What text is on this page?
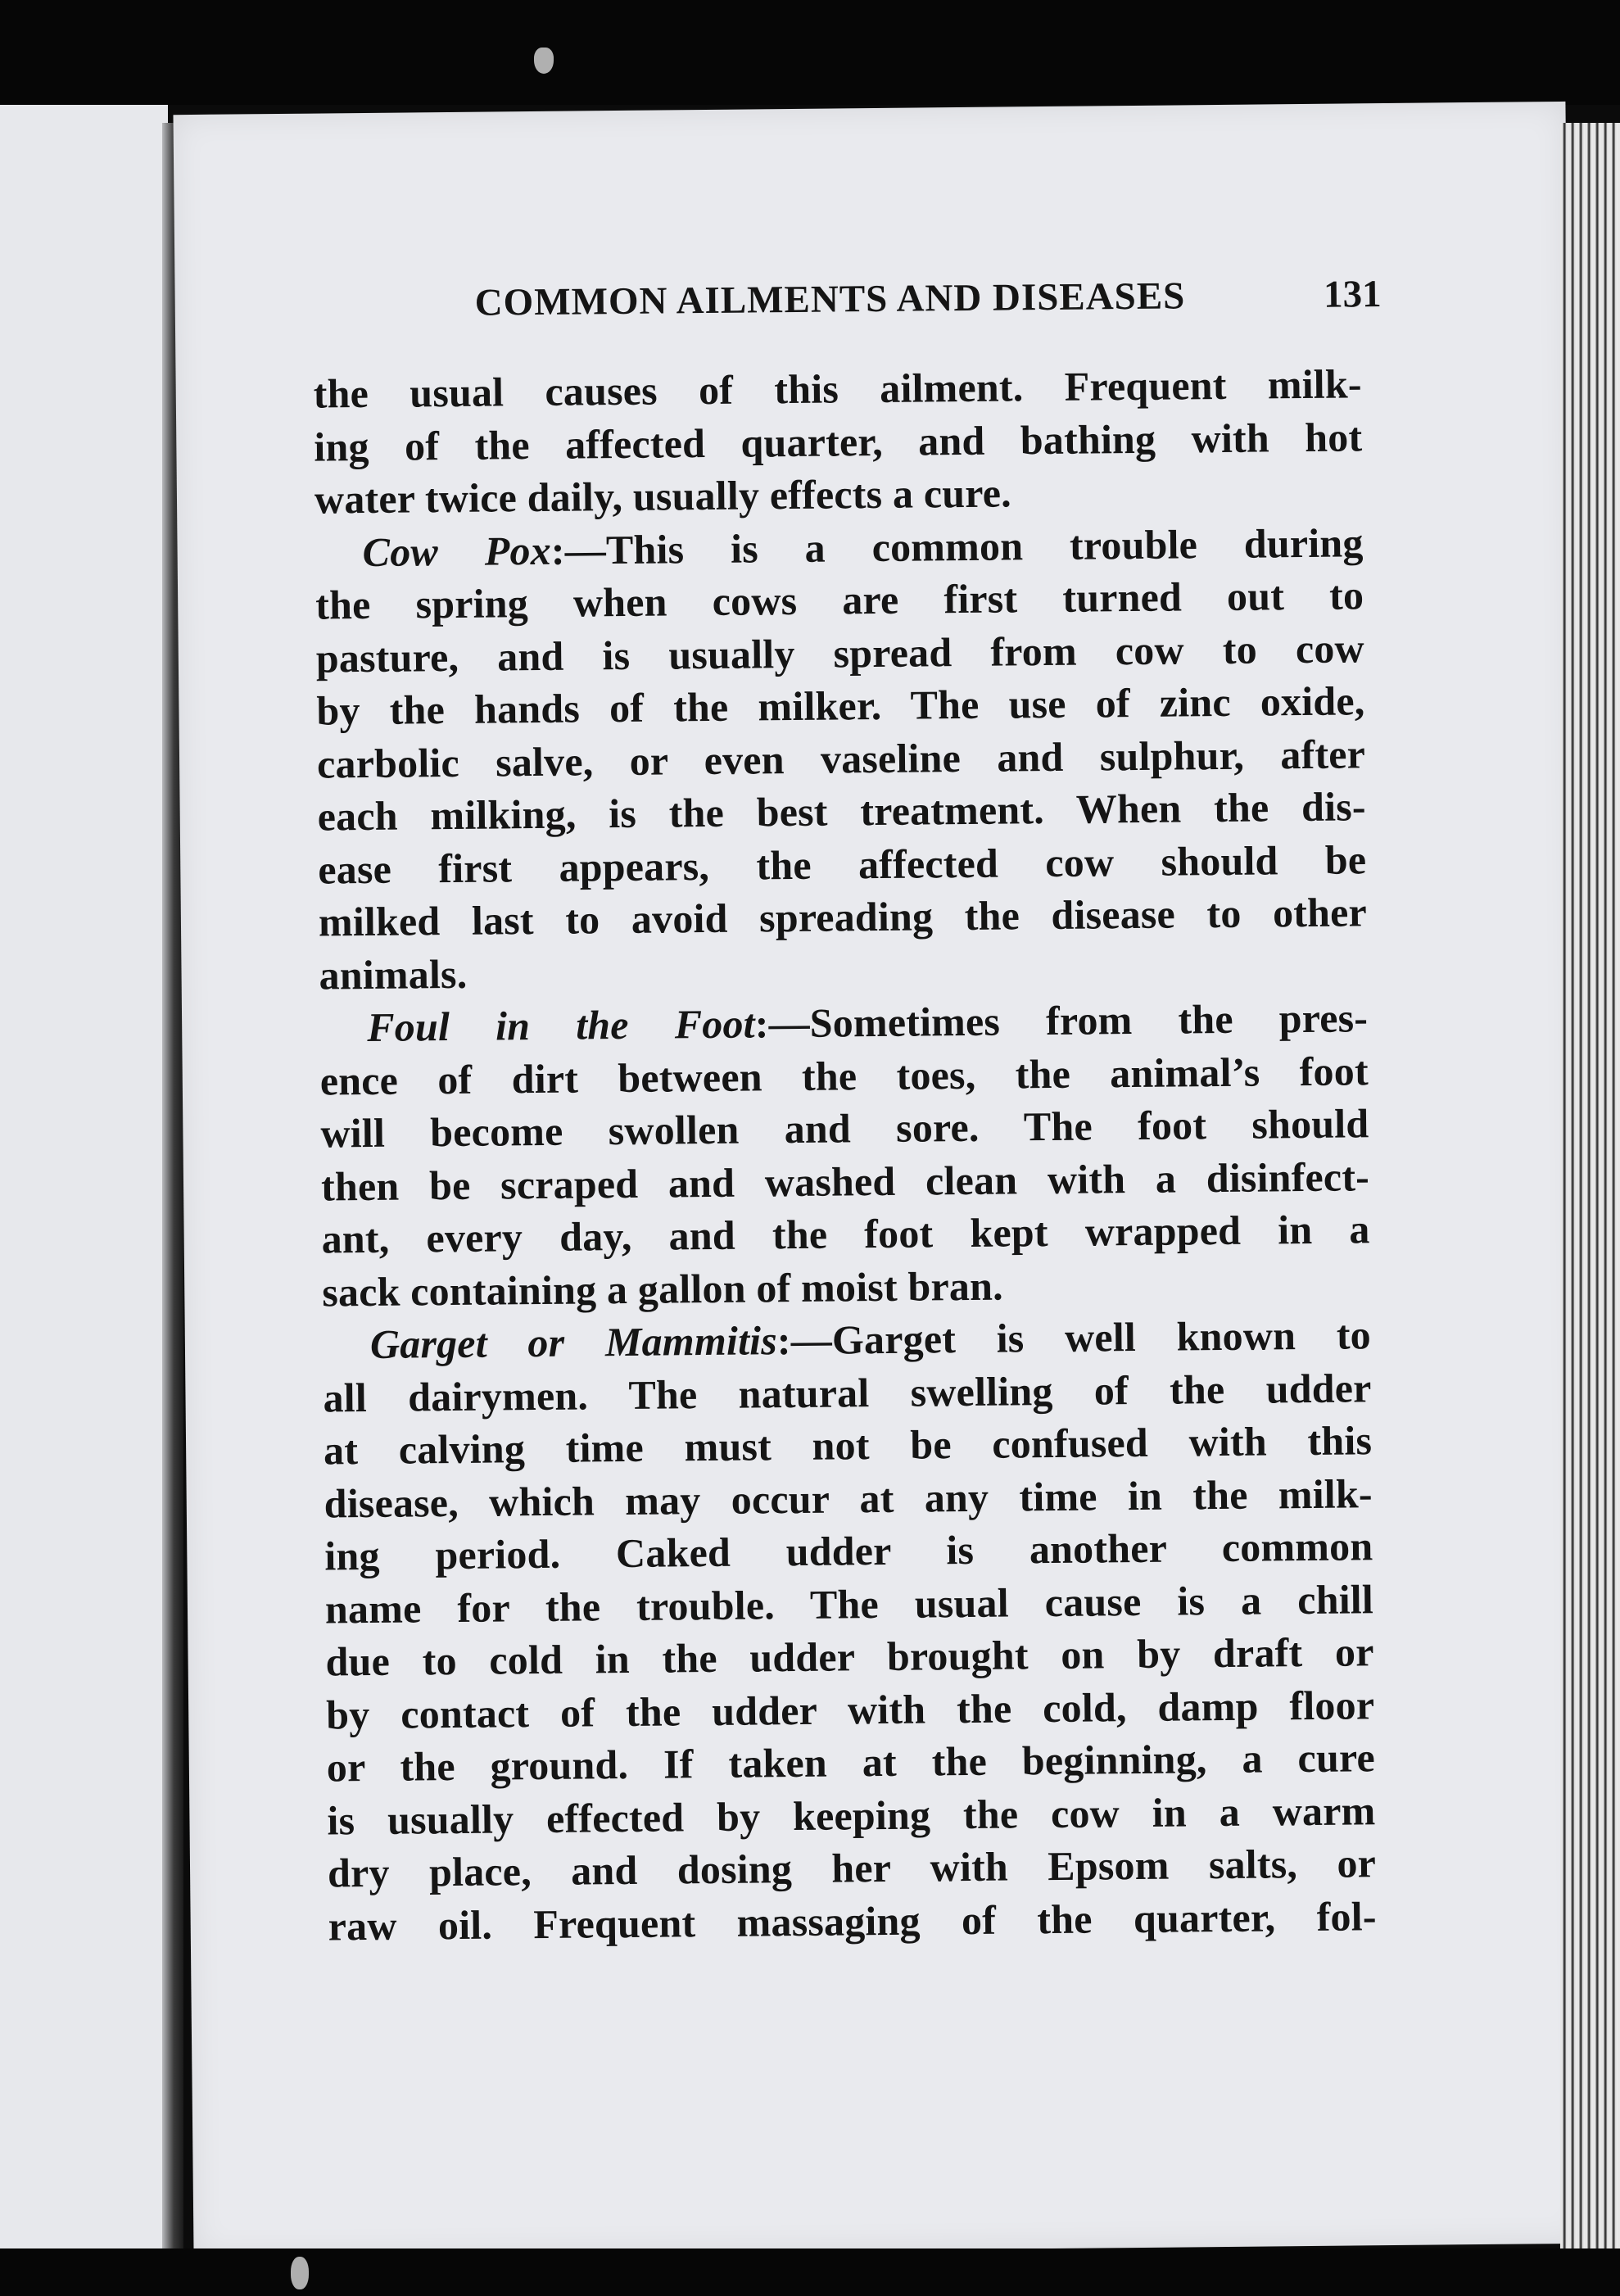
COMMON AILMENTS AND DISEASES	131
the usual causes of this ailment. Frequent milk-
ing of the affected quarter, and bathing with hot
water twice daily, usually effects a cure.
Cow Pox:—This is a common trouble during
the spring when cows are first turned out to
pasture, and is usually spread from cow to cow
by the hands of the milker. The use of zinc oxide,
carbolic salve, or even vaseline and sulphur, after
each milking, is the best treatment. When the dis-
ease first appears, the affected cow should be
milked last to avoid spreading the disease to other
animals.
Foul in the Foot:—Sometimes from the pres-
ence of dirt between the toes, the animal’s foot
will become swollen and sore. The foot should
then be scraped and washed clean with a disinfect-
ant, every day, and the foot kept wrapped in a
sack containing a gallon of moist bran.
Garget or Mammitis:—Garget is well known to
all dairymen. The natural swelling of the udder
at calving time must not be confused with this
disease, which may occur at any time in the milk-
ing period. Caked udder is another common
name for the trouble. The usual cause is a chill
due to cold in the udder brought on by draft or
by contact of the udder with the cold, damp floor
or the ground. If taken at the beginning, a cure
is usually effected by keeping the cow in a warm
dry place, and dosing her with Epsom salts, or
raw oil. Frequent massaging of the quarter, fol-
